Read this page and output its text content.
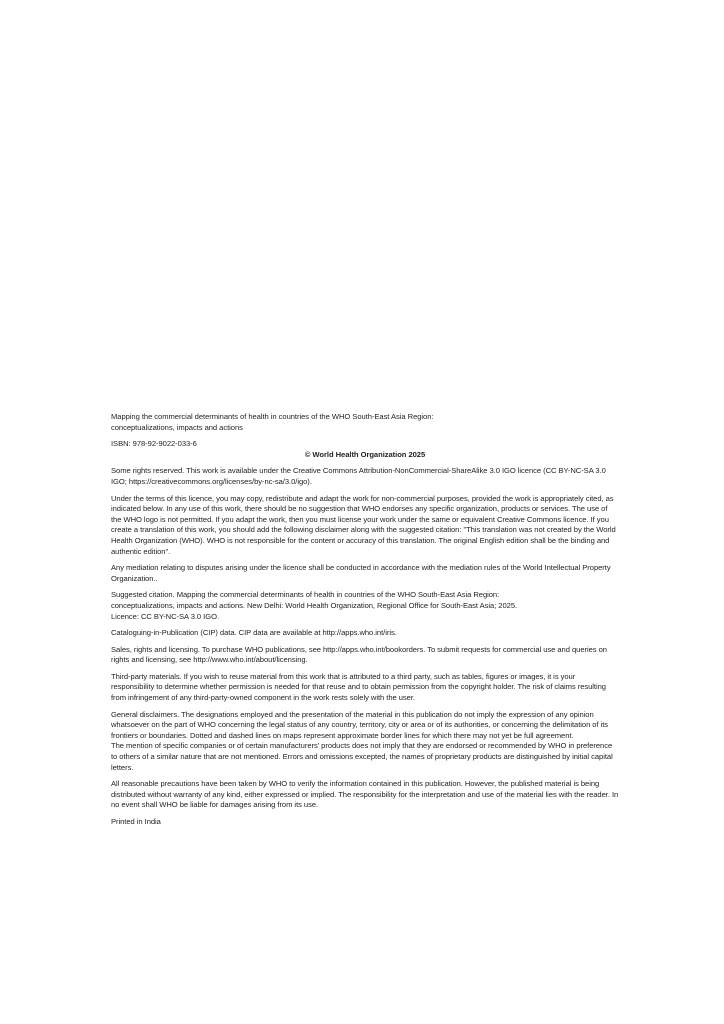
Mapping the commercial determinants of health in countries of the WHO South-East Asia Region:
conceptualizations, impacts and actions

ISBN: 978-92-9022-033-6

© World Health Organization 2025

Some rights reserved. This work is available under the Creative Commons Attribution-NonCommercial-ShareAlike 3.0 IGO licence (CC BY-NC-SA 3.0 IGO; https://creativecommons.org/licenses/by-nc-sa/3.0/igo).

Under the terms of this licence, you may copy, redistribute and adapt the work for non-commercial purposes, provided the work is appropriately cited, as indicated below. In any use of this work, there should be no suggestion that WHO endorses any specific organization, products or services. The use of the WHO logo is not permitted. If you adapt the work, then you must license your work under the same or equivalent Creative Commons licence. If you create a translation of this work, you should add the following disclaimer along with the suggested citation: "This translation was not created by the World Health Organization (WHO). WHO is not responsible for the content or accuracy of this translation. The original English edition shall be the binding and authentic edition".

Any mediation relating to disputes arising under the licence shall be conducted in accordance with the mediation rules of the World Intellectual Property Organization..

Suggested citation. Mapping the commercial determinants of health in countries of the WHO South-East Asia Region:
conceptualizations, impacts and actions. New Delhi: World Health Organization, Regional Office for South-East Asia; 2025.
Licence: CC BY-NC-SA 3.0 IGO.

Cataloguing-in-Publication (CIP) data. CIP data are available at http://apps.who.int/iris.

Sales, rights and licensing. To purchase WHO publications, see http://apps.who.int/bookorders. To submit requests for commercial use and queries on rights and licensing, see http://www.who.int/about/licensing.

Third-party materials. If you wish to reuse material from this work that is attributed to a third party, such as tables, figures or images, it is your responsibility to determine whether permission is needed for that reuse and to obtain permission from the copyright holder. The risk of claims resulting from infringement of any third-party-owned component in the work rests solely with the user.

General disclaimers. The designations employed and the presentation of the material in this publication do not imply the expression of any opinion whatsoever on the part of WHO concerning the legal status of any country, territory, city or area or of its authorities, or concerning the delimitation of its frontiers or boundaries. Dotted and dashed lines on maps represent approximate border lines for which there may not yet be full agreement.

The mention of specific companies or of certain manufacturers' products does not imply that they are endorsed or recommended by WHO in preference to others of a similar nature that are not mentioned. Errors and omissions excepted, the names of proprietary products are distinguished by initial capital letters.

All reasonable precautions have been taken by WHO to verify the information contained in this publication. However, the published material is being distributed without warranty of any kind, either expressed or implied. The responsibility for the interpretation and use of the material lies with the reader. In no event shall WHO be liable for damages arising from its use.

Printed in India
